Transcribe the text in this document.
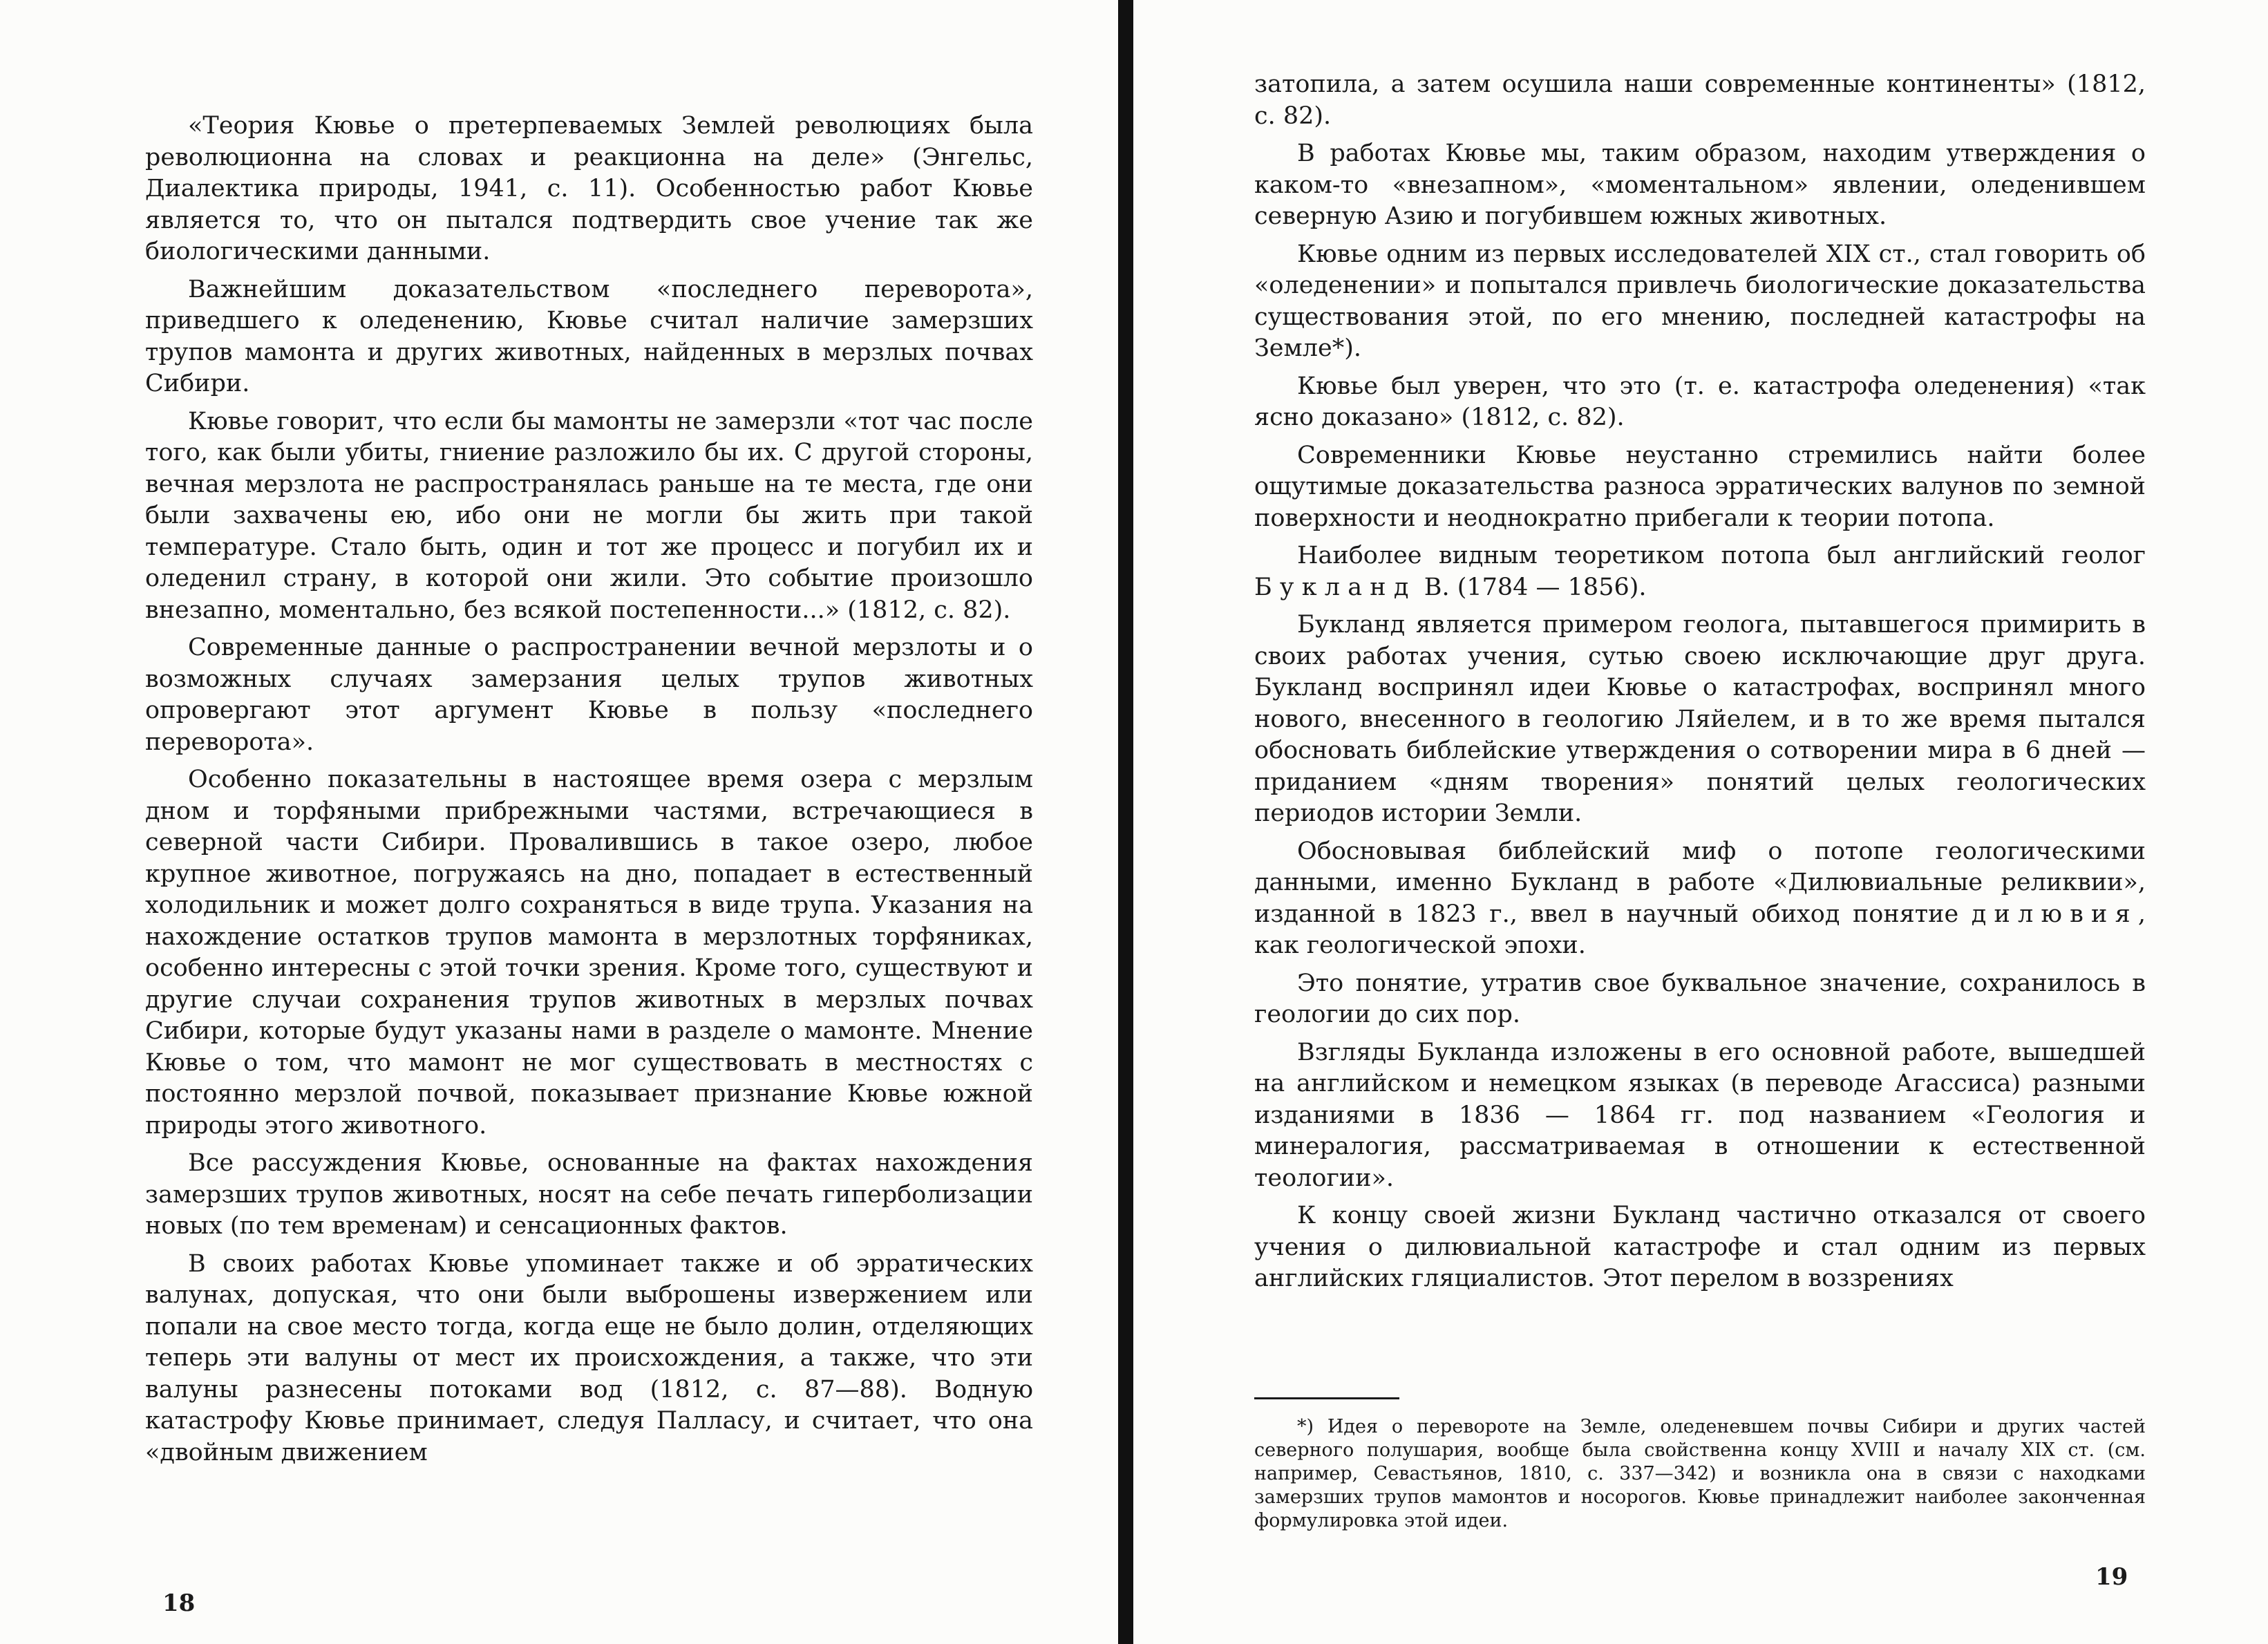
«Теория Кювье о претерпеваемых Землей революциях была революционна на словах и реакционна на деле» (Энгельс, Диалектика природы, 1941, с. 11). Особенностью работ Кювье является то, что он пытался подтвердить свое учение так же биологическими данными.

Важнейшим доказательством «последнего переворота», приведшего к оледенению, Кювье считал наличие замерзших трупов мамонта и других животных, найденных в мерзлых почвах Сибири.

Кювье говорит, что если бы мамонты не замерзли «тот час после того, как были убиты, гниение разложило бы их. С другой стороны, вечная мерзлота не распространялась раньше на те места, где они были захвачены ею, ибо они не могли бы жить при такой температуре. Стало быть, один и тот же процесс и погубил их и оледенил страну, в которой они жили. Это событие произошло внезапно, моментально, без всякой постепенности...» (1812, с. 82).

Современные данные о распространении вечной мерзлоты и о возможных случаях замерзания целых трупов животных опровергают этот аргумент Кювье в пользу «последнего переворота».

Особенно показательны в настоящее время озера с мерзлым дном и торфяными прибрежными частями, встречающиеся в северной части Сибири. Провалившись в такое озеро, любое крупное животное, погружаясь на дно, попадает в естественный холодильник и может долго сохраняться в виде трупа. Указания на нахождение остатков трупов мамонта в мерзлотных торфяниках, особенно интересны с этой точки зрения. Кроме того, существуют и другие случаи сохранения трупов животных в мерзлых почвах Сибири, которые будут указаны нами в разделе о мамонте. Мнение Кювье о том, что мамонт не мог существовать в местностях с постоянно мерзлой почвой, показывает признание Кювье южной природы этого животного.

Все рассуждения Кювье, основанные на фактах нахождения замерзших трупов животных, носят на себе печать гиперболизации новых (по тем временам) и сенсационных фактов.

В своих работах Кювье упоминает также и об эрратических валунах, допуская, что они были выброшены извержением или попали на свое место тогда, когда еще не было долин, отделяющих теперь эти валуны от мест их происхождения, а также, что эти валуны разнесены потоками вод (1812, с. 87—88). Водную катастрофу Кювье принимает, следуя Палласу, и считает, что она «двойным движением

18

затопила, а затем осушила наши современные континенты» (1812, с. 82).

В работах Кювье мы, таким образом, находим утверждения о каком-то «внезапном», «моментальном» явлении, оледенившем северную Азию и погубившем южных животных.

Кювье одним из первых исследователей XIX ст., стал говорить об «оледенении» и попытался привлечь биологические доказательства существования этой, по его мнению, последней катастрофы на Земле*).

Кювье был уверен, что это (т. е. катастрофа оледенения) «так ясно доказано» (1812, с. 82).

Современники Кювье неустанно стремились найти более ощутимые доказательства разноса эрратических валунов по земной поверхности и неоднократно прибегали к теории потопа.

Наиболее видным теоретиком потопа был английский геолог Букланд В. (1784 — 1856).

Букланд является примером геолога, пытавшегося примирить в своих работах учения, сутью своею исключающие друг друга. Букланд воспринял идеи Кювье о катастрофах, воспринял много нового, внесенного в геологию Ляйелем, и в то же время пытался обосновать библейские утверждения о сотворении мира в 6 дней — приданием «дням творения» понятий целых геологических периодов истории Земли.

Обосновывая библейский миф о потопе геологическими данными, именно Букланд в работе «Дилювиальные реликвии», изданной в 1823 г., ввел в научный обиход понятие дилювия, как геологической эпохи.

Это понятие, утратив свое буквальное значение, сохранилось в геологии до сих пор.

Взгляды Букланда изложены в его основной работе, вышедшей на английском и немецком языках (в переводе Агассиса) разными изданиями в 1836 — 1864 гг. под названием «Геология и минералогия, рассматриваемая в отношении к естественной теологии».

К концу своей жизни Букланд частично отказался от своего учения о дилювиальной катастрофе и стал одним из первых английских гляциалистов. Этот перелом в воззрениях

*) Идея о перевороте на Земле, оледеневшем почвы Сибири и других частей северного полушария, вообще была свойственна концу XVIII и началу XIX ст. (см. например, Севастьянов, 1810, с. 337—342) и возникла она в связи с находками замерзших трупов мамонтов и носорогов. Кювье принадлежит наиболее законченная формулировка этой идеи.

19
